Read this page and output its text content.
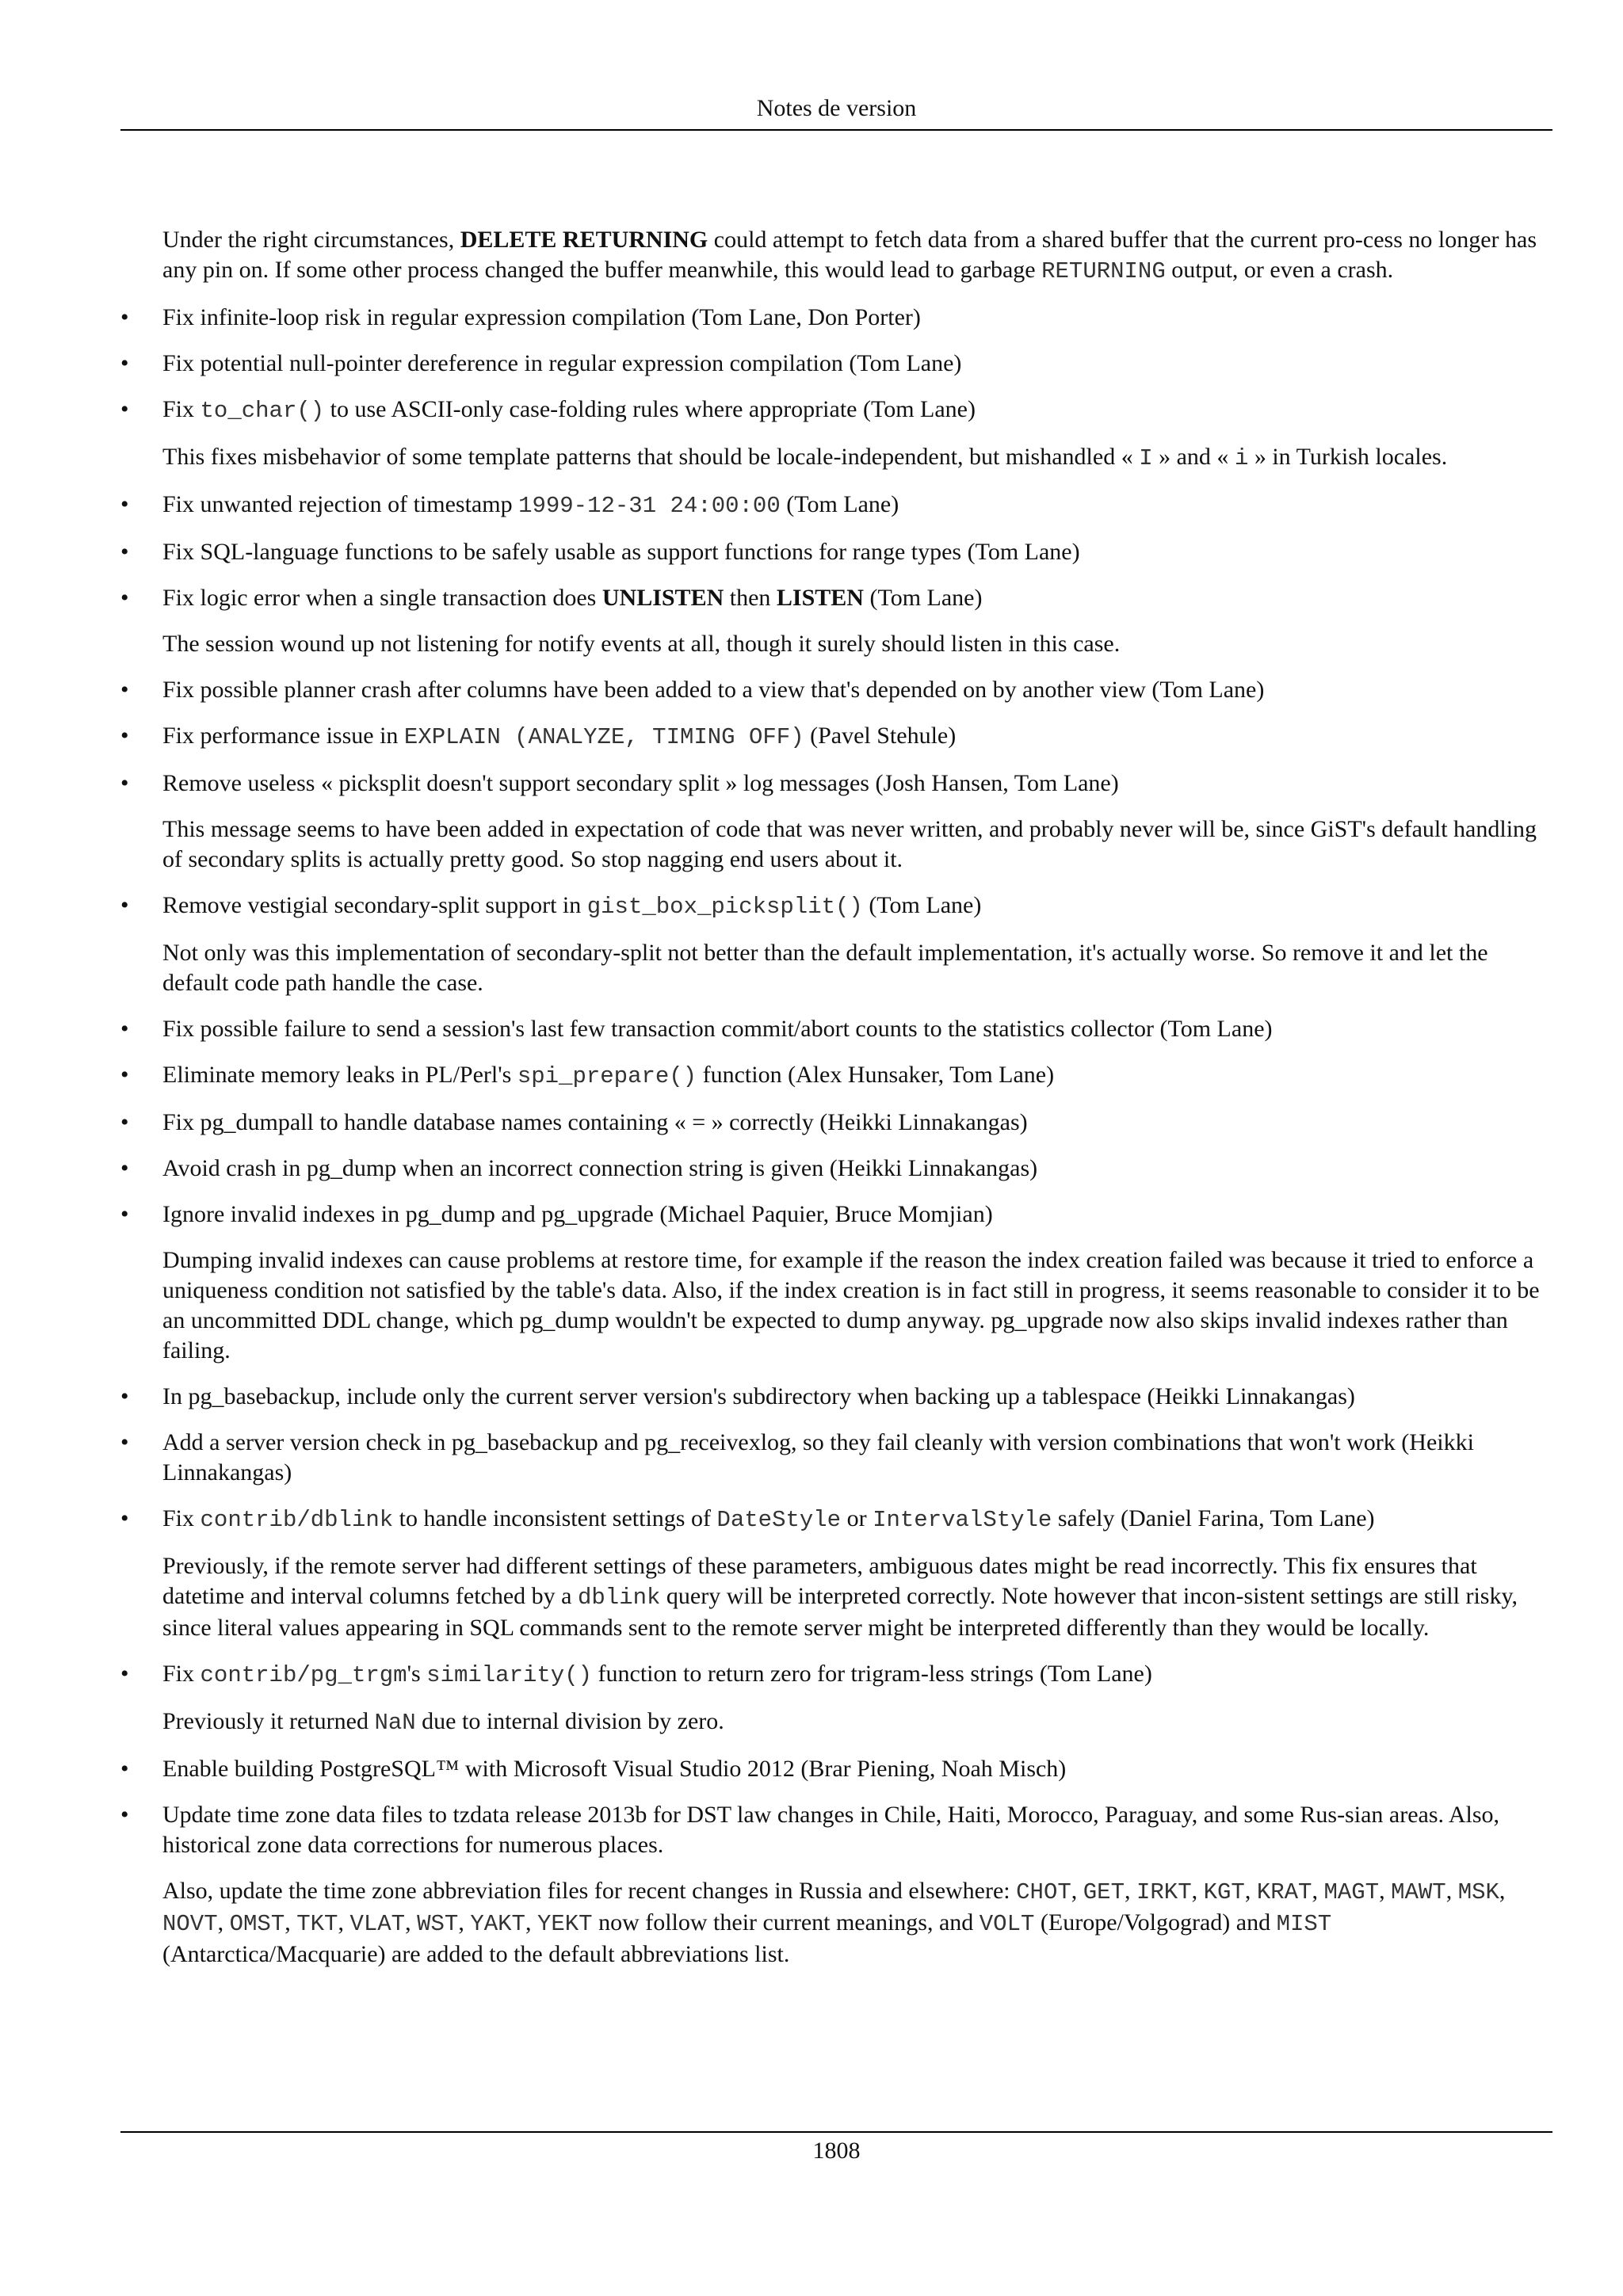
Notes de version

Under the right circumstances, DELETE RETURNING could attempt to fetch data from a shared buffer that the current pro-cess no longer has any pin on. If some other process changed the buffer meanwhile, this would lead to garbage RETURNING output, or even a crash.

• Fix infinite-loop risk in regular expression compilation (Tom Lane, Don Porter)
• Fix potential null-pointer dereference in regular expression compilation (Tom Lane)
• Fix to_char() to use ASCII-only case-folding rules where appropriate (Tom Lane)

This fixes misbehavior of some template patterns that should be locale-independent, but mishandled « I » and « i » in Turkish locales.

• Fix unwanted rejection of timestamp 1999-12-31 24:00:00 (Tom Lane)
• Fix SQL-language functions to be safely usable as support functions for range types (Tom Lane)
• Fix logic error when a single transaction does UNLISTEN then LISTEN (Tom Lane)

The session wound up not listening for notify events at all, though it surely should listen in this case.

• Fix possible planner crash after columns have been added to a view that's depended on by another view (Tom Lane)
• Fix performance issue in EXPLAIN (ANALYZE, TIMING OFF) (Pavel Stehule)
• Remove useless « picksplit doesn't support secondary split » log messages (Josh Hansen, Tom Lane)

This message seems to have been added in expectation of code that was never written, and probably never will be, since GiST's default handling of secondary splits is actually pretty good. So stop nagging end users about it.

• Remove vestigial secondary-split support in gist_box_picksplit() (Tom Lane)

Not only was this implementation of secondary-split not better than the default implementation, it's actually worse. So remove it and let the default code path handle the case.

• Fix possible failure to send a session's last few transaction commit/abort counts to the statistics collector (Tom Lane)
• Eliminate memory leaks in PL/Perl's spi_prepare() function (Alex Hunsaker, Tom Lane)
• Fix pg_dumpall to handle database names containing « = » correctly (Heikki Linnakangas)
• Avoid crash in pg_dump when an incorrect connection string is given (Heikki Linnakangas)
• Ignore invalid indexes in pg_dump and pg_upgrade (Michael Paquier, Bruce Momjian)

Dumping invalid indexes can cause problems at restore time, for example if the reason the index creation failed was because it tried to enforce a uniqueness condition not satisfied by the table's data. Also, if the index creation is in fact still in progress, it seems reasonable to consider it to be an uncommitted DDL change, which pg_dump wouldn't be expected to dump anyway. pg_upgrade now also skips invalid indexes rather than failing.

• In pg_basebackup, include only the current server version's subdirectory when backing up a tablespace (Heikki Linnakangas)
• Add a server version check in pg_basebackup and pg_receivexlog, so they fail cleanly with version combinations that won't work (Heikki Linnakangas)
• Fix contrib/dblink to handle inconsistent settings of DateStyle or IntervalStyle safely (Daniel Farina, Tom Lane)

Previously, if the remote server had different settings of these parameters, ambiguous dates might be read incorrectly. This fix ensures that datetime and interval columns fetched by a dblink query will be interpreted correctly. Note however that incon-sistent settings are still risky, since literal values appearing in SQL commands sent to the remote server might be interpreted differently than they would be locally.

• Fix contrib/pg_trgm's similarity() function to return zero for trigram-less strings (Tom Lane)

Previously it returned NaN due to internal division by zero.

• Enable building PostgreSQL™ with Microsoft Visual Studio 2012 (Brar Piening, Noah Misch)
• Update time zone data files to tzdata release 2013b for DST law changes in Chile, Haiti, Morocco, Paraguay, and some Rus-sian areas. Also, historical zone data corrections for numerous places.

Also, update the time zone abbreviation files for recent changes in Russia and elsewhere: CHOT, GET, IRKT, KGT, KRAT, MAGT, MAWT, MSK, NOVT, OMST, TKT, VLAT, WST, YAKT, YEKT now follow their current meanings, and VOLT (Europe/Volgograd) and MIST (Antarctica/Macquarie) are added to the default abbreviations list.

1808
